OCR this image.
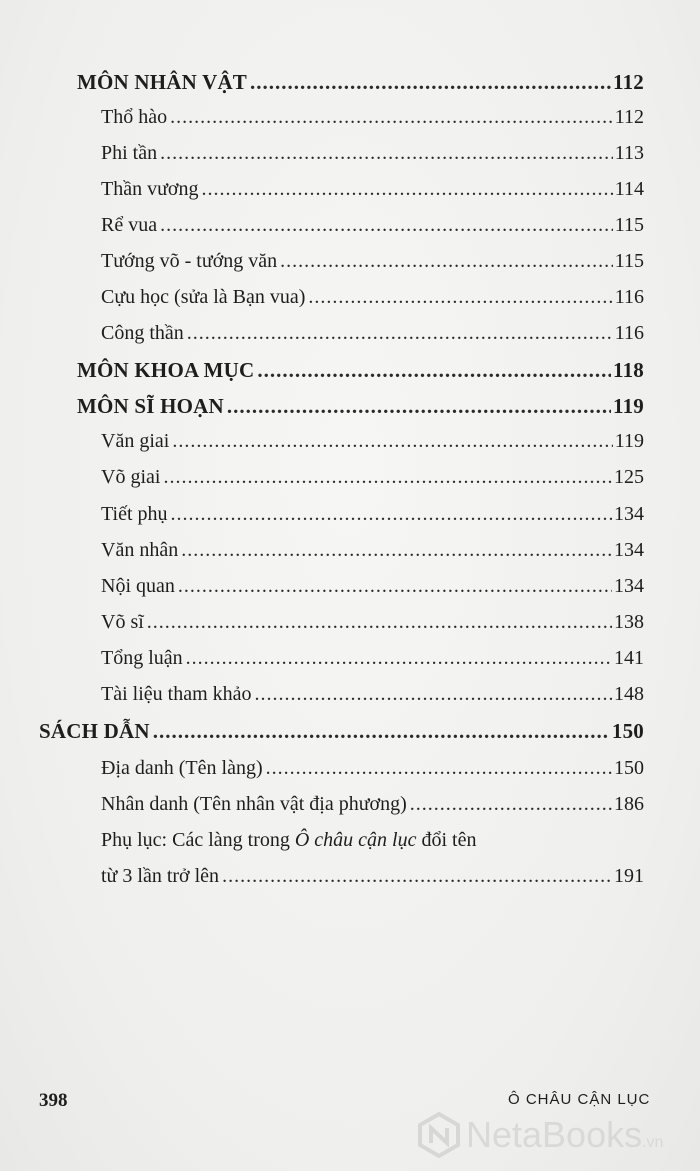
MÔN NHÂN VẬT .....	112
Thổ hào .....	112
Phi tần .....	113
Thần vương .....	114
Rể vua .....	115
Tướng võ - tướng văn .....	115
Cựu học (sửa là Bạn vua) .....	116
Công thần .....	116
MÔN KHOA MỤC .....	118
MÔN SĨ HOẠN .....	119
Văn giai .....	119
Võ giai .....	125
Tiết phụ .....	134
Văn nhân .....	134
Nội quan .....	134
Võ sĩ .....	138
Tổng luận .....	141
Tài liệu tham khảo .....	148
SÁCH DẪN .....	150
Địa danh (Tên làng) .....	150
Nhân danh (Tên nhân vật địa phương) .....	186
Phụ lục: Các làng trong Ô châu cận lục đổi tên
từ 3 lần trở lên .....	191
398	Ô CHÂU CẬN LỤC
NetaBooks.vn
